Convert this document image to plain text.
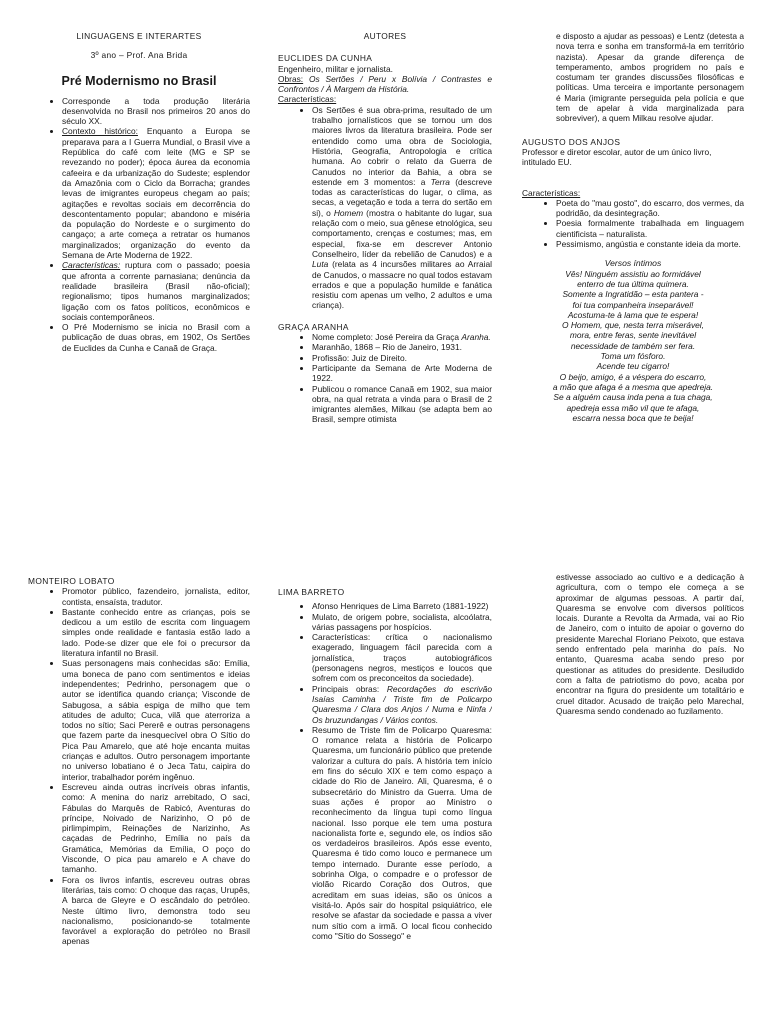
LINGUAGENS E INTERARTES
3º ano – Prof. Ana Brida
Pré Modernismo no Brasil
• Corresponde a toda produção literária desenvolvida no Brasil nos primeiros 20 anos do século XX.
• Contexto histórico: Enquanto a Europa se preparava para a I Guerra Mundial, o Brasil vive a República do café com leite (MG e SP se revezando no poder); época áurea da economia cafeeira e da urbanização do Sudeste; esplendor da Amazônia com o Ciclo da Borracha; grandes levas de imigrantes europeus chegam ao país; agitações e revoltas sociais em decorrência do descontentamento popular; abandono e miséria da população do Nordeste e o surgimento do cangaço; a arte começa a retratar os humanos marginalizados; organização do evento da Semana de Arte Moderna de 1922.
• Características: ruptura com o passado; poesia que afronta a corrente parnasiana; denúncia da realidade brasileira (Brasil não-oficial); regionalismo; tipos humanos marginalizados; ligação com os fatos políticos, econômicos e sociais contemporâneos.
• O Pré Modernismo se inicia no Brasil com a publicação de duas obras, em 1902, Os Sertões de Euclides da Cunha e Canaã de Graça.
AUTORES
EUCLIDES DA CUNHA
Engenheiro, militar e jornalista.
Obras: Os Sertões / Peru x Bolívia / Contrastes e Confrontos / À Margem da História.
Características:
• Os Sertões é sua obra-prima, resultado de um trabalho jornalísticos que se tornou um dos maiores livros da literatura brasileira. Pode ser entendido como uma obra de Sociologia, História, Geografia, Antropologia e crítica humana. Ao cobrir o relato da Guerra de Canudos no interior da Bahia, a obra se estende em 3 momentos: a Terra (descreve todas as características do lugar, o clima, as secas, a vegetação e toda a terra do sertão em si), o Homem (mostra o habitante do lugar, sua relação com o meio, sua gênese etnológica, seu comportamento, crenças e costumes; mas, em especial, fixa-se em descrever Antonio Conselheiro, líder da rebelião de Canudos) e a Luta (relata as 4 incursões militares ao Arraial de Canudos, o massacre no qual todos estavam errados e que a população humilde e fanática resistiu com apenas um velho, 2 adultos e uma criança).
GRAÇA ARANHA
• Nome completo: José Pereira da Graça Aranha.
• Maranhão, 1868 – Rio de Janeiro, 1931.
• Profissão: Juiz de Direito.
• Participante da Semana de Arte Moderna de 1922.
• Publicou o romance Canaã em 1902, sua maior obra, na qual retrata a vinda para o Brasil de 2 imigrantes alemães, Milkau (se adapta bem ao Brasil, sempre otimista
e disposto a ajudar as pessoas) e Lentz (detesta a nova terra e sonha em transformá-la em território nazista). Apesar da grande diferença de temperamento, ambos progridem no país e costumam ter grandes discussões filosóficas e políticas. Uma terceira e importante personagem é Maria (imigrante perseguida pela polícia e que tem de apelar à vida marginalizada para sobreviver), a quem Milkau resolve ajudar.
AUGUSTO DOS ANJOS
Professor e diretor escolar, autor de um único livro, intitulado EU.
Características:
• Poeta do "mau gosto", do escarro, dos vermes, da podridão, da desintegração.
• Poesia formalmente trabalhada em linguagem cientificista – naturalista.
• Pessimismo, angústia e constante ideia da morte.
Versos íntimos
Vês! Ninguém assistiu ao formidável
enterro de tua última quimera.
Somente a Ingratidão – esta pantera -
foi tua companheira inseparável!
Acostuma-te à lama que te espera!
O Homem, que, nesta terra miserável,
mora, entre feras, sente inevitável
necessidade de também ser fera.
Toma um fósforo.
Acende teu cigarro!
O beijo, amigo, é a véspera do escarro,
a mão que afaga é a mesma que apedreja.
Se a alguém causa inda pena a tua chaga,
apedreja essa mão vil que te afaga,
escarra nessa boca que te beija!
MONTEIRO LOBATO
• Promotor público, fazendeiro, jornalista, editor, contista, ensaísta, tradutor.
• Bastante conhecido entre as crianças, pois se dedicou a um estilo de escrita com linguagem simples onde realidade e fantasia estão lado a lado. Pode-se dizer que ele foi o precursor da literatura infantil no Brasil.
• Suas personagens mais conhecidas são: Emília, uma boneca de pano com sentimentos e ideias independentes; Pedrinho, personagem que o autor se identifica quando criança; Visconde de Sabugosa, a sábia espiga de milho que tem atitudes de adulto; Cuca, vilã que aterroriza a todos no sítio; Saci Pererê e outras personagens que fazem parte da inesquecível obra O Sítio do Pica Pau Amarelo, que até hoje encanta muitas crianças e adultos. Outro personagem importante no universo lobatiano é o Jeca Tatu, caipira do interior, trabalhador porém ingênuo.
• Escreveu ainda outras incríveis obras infantis, como: A menina do nariz arrebitado, O saci, Fábulas do Marquês de Rabicó, Aventuras do príncipe, Noivado de Narizinho, O pó de pirlimpimpim, Reinações de Narizinho, As caçadas de Pedrinho, Emília no país da Gramática, Memórias da Emília, O poço do Visconde, O pica pau amarelo e A chave do tamanho.
• Fora os livros infantis, escreveu outras obras literárias, tais como: O choque das raças, Urupês, A barca de Gleyre e O escândalo do petróleo. Neste último livro, demonstra todo seu nacionalismo, posicionando-se totalmente favorável a exploração do petróleo no Brasil apenas
LIMA BARRETO
• Afonso Henriques de Lima Barreto (1881-1922)
• Mulato, de origem pobre, socialista, alcoólatra, várias passagens por hospícios.
• Características: crítica o nacionalismo exagerado, linguagem fácil parecida com a jornalística, traços autobiográficos (personagens negros, mestiços e loucos que sofrem com os preconceitos da sociedade).
• Principais obras: Recordações do escrivão Isaías Caminha / Triste fim de Policarpo Quaresma / Clara dos Anjos / Numa e Ninfa / Os bruzundangas / Vários contos.
• Resumo de Triste fim de Policarpo Quaresma: O romance relata a história de Policarpo Quaresma, um funcionário público que pretende valorizar a cultura do país. A história tem início em fins do século XIX e tem como espaço a cidade do Rio de Janeiro. Ali, Quaresma, é o subsecretário do Ministro da Guerra. Uma de suas ações é propor ao Ministro o reconhecimento da língua tupi como língua nacional. Isso porque ele tem uma postura nacionalista forte e, segundo ele, os índios são os verdadeiros brasileiros. Após esse evento, Quaresma é tido como louco e permanece um tempo internado. Durante esse período, a sobrinha Olga, o compadre e o professor de violão Ricardo Coração dos Outros, que acreditam em suas ideias, são os únicos a visitá-lo. Após sair do hospital psiquiátrico, ele resolve se afastar da sociedade e passa a viver num sítio com a irmã. O local ficou conhecido como "Sítio do Sossego" e
estivesse associado ao cultivo e a dedicação à agricultura, com o tempo ele começa a se aproximar de algumas pessoas. A partir daí, Quaresma se envolve com diversos políticos locais. Durante a Revolta da Armada, vai ao Rio de Janeiro, com o intuito de apoiar o governo do presidente Marechal Floriano Peixoto, que estava sendo enfrentado pela marinha do país. No entanto, Quaresma acaba sendo preso por questionar as atitudes do presidente. Desiludido com a falta de patriotismo do povo, acaba por encontrar na figura do presidente um totalitário e cruel ditador. Acusado de traição pelo Marechal, Quaresma sendo condenado ao fuzilamento.
